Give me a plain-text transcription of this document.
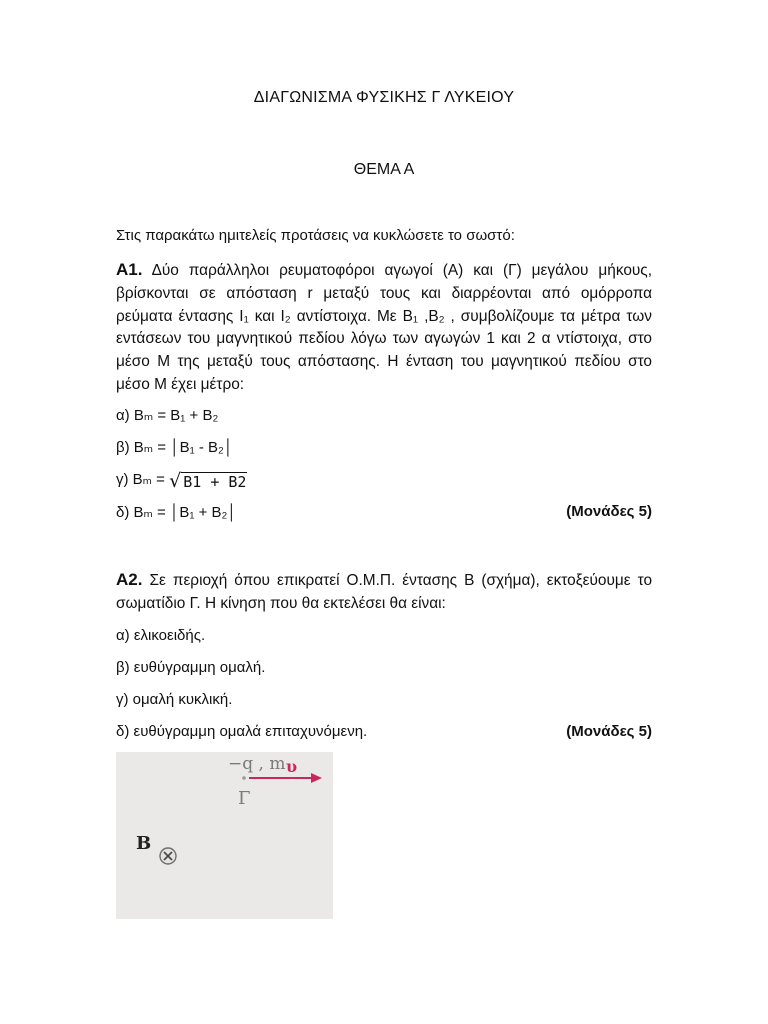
ΔΙΑΓΩΝΙΣΜΑ ΦΥΣΙΚΗΣ Γ ΛΥΚΕΙΟΥ
ΘΕΜΑ Α
Στις παρακάτω ημιτελείς προτάσεις να κυκλώσετε το σωστό:
Α1. Δύο παράλληλοι ρευματοφόροι αγωγοί (Α) και (Γ) μεγάλου μήκους, βρίσκονται σε απόσταση r μεταξύ τους και διαρρέονται από ομόρροπα ρεύματα έντασης I₁ και I₂ αντίστοιχα. Με Β₁ ,Β₂ , συμβολίζουμε τα μέτρα των εντάσεων του μαγνητικού πεδίου λόγω των αγωγών 1 και 2 α ντίστοιχα, στο μέσο Μ της μεταξύ τους απόστασης. Η ένταση του μαγνητικού πεδίου στο μέσο Μ έχει μέτρο:
α) Βₘ = Β₁ + Β₂
β) Βₘ = │Β₁ - Β₂│
γ) Βₘ = √ B1 + B2
δ) Βₘ = │Β₁ + Β₂│	(Μονάδες 5)
Α2. Σε περιοχή όπου επικρατεί Ο.Μ.Π. έντασης Β (σχήμα), εκτοξεύουμε το σωματίδιο Γ. Η κίνηση που θα εκτελέσει θα είναι:
α) ελικοειδής.
β) ευθύγραμμη ομαλή.
γ) ομαλή κυκλική.
δ) ευθύγραμμη ομαλά επιταχυνόμενη.	(Μονάδες 5)
−q , m υ
Γ
B
